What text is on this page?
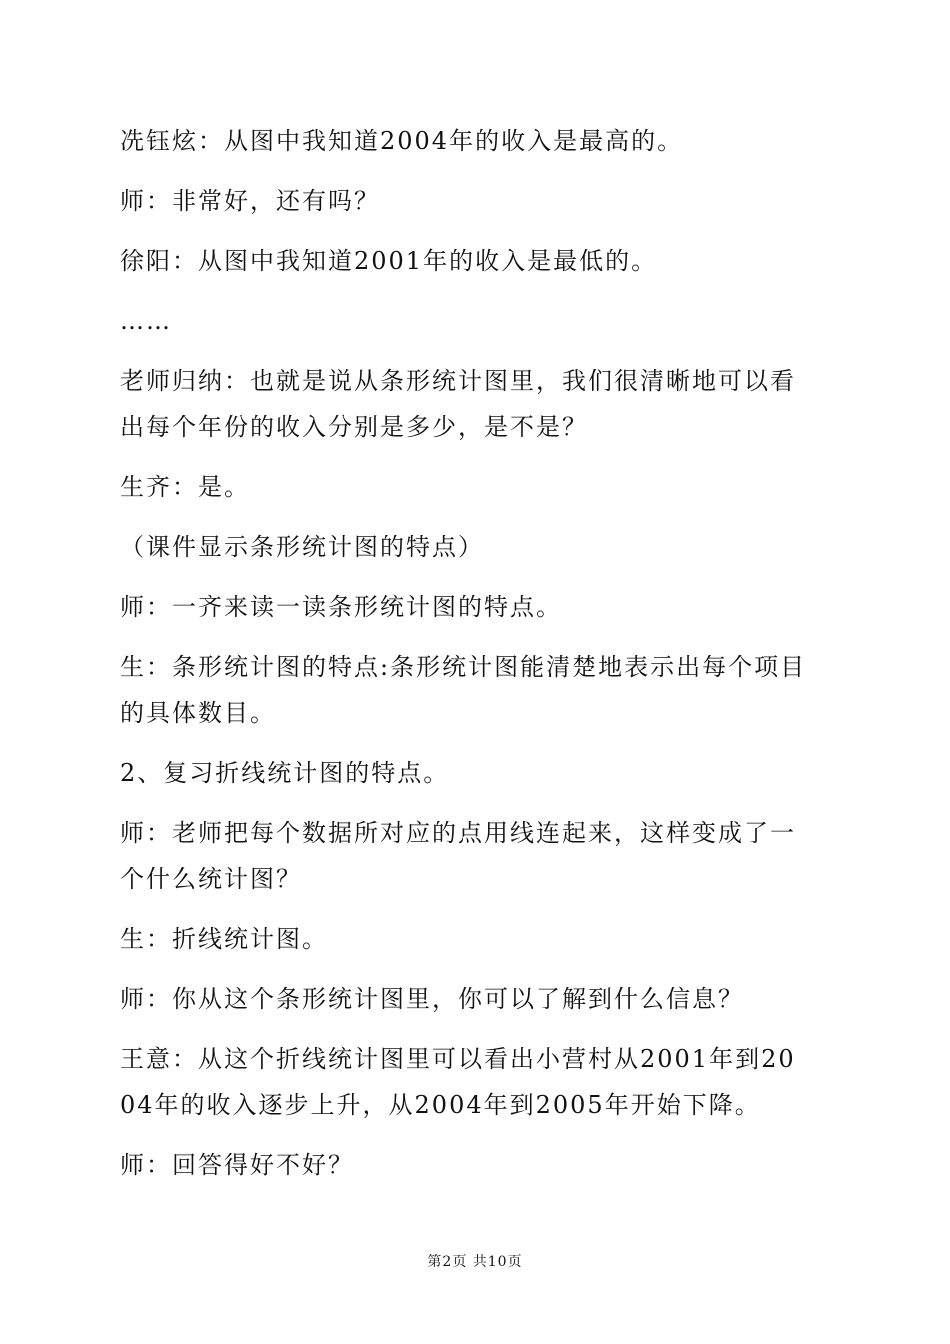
冼钰炫：从图中我知道2004年的收入是最高的。

师：非常好，还有吗？

徐阳：从图中我知道2001年的收入是最低的。

……

老师归纳：也就是说从条形统计图里，我们很清晰地可以看出每个年份的收入分别是多少，是不是？

生齐：是。

（课件显示条形统计图的特点）

师：一齐来读一读条形统计图的特点。

生：条形统计图的特点:条形统计图能清楚地表示出每个项目的具体数目。

2、复习折线统计图的特点。

师：老师把每个数据所对应的点用线连起来，这样变成了一个什么统计图？

生：折线统计图。

师：你从这个条形统计图里，你可以了解到什么信息？

王意：从这个折线统计图里可以看出小营村从2001年到2004年的收入逐步上升，从2004年到2005年开始下降。

师：回答得好不好？

第2页 共10页
